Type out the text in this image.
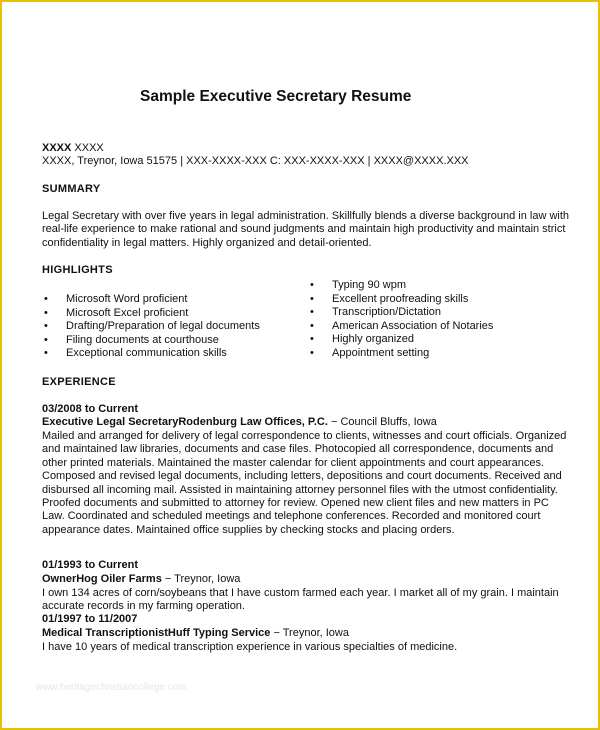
Sample Executive Secretary Resume
XXXX XXXX
XXXX, Treynor, Iowa 51575 | XXX-XXXX-XXX C: XXX-XXXX-XXX | XXXX@XXXX.XXX
SUMMARY
Legal Secretary with over five years in legal administration. Skillfully blends a diverse background in law with real-life experience to make rational and sound judgments and maintain high productivity and maintain strict confidentiality in legal matters. Highly organized and detail-oriented.
HIGHLIGHTS
• Microsoft Word proficient
• Microsoft Excel proficient
• Drafting/Preparation of legal documents
• Filing documents at courthouse
• Exceptional communication skills
• Typing 90 wpm
• Excellent proofreading skills
• Transcription/Dictation
• American Association of Notaries
• Highly organized
• Appointment setting
EXPERIENCE
03/2008 to Current
Executive Legal SecretaryRodenburg Law Offices, P.C. − Council Bluffs, Iowa
Mailed and arranged for delivery of legal correspondence to clients, witnesses and court officials. Organized and maintained law libraries, documents and case files. Photocopied all correspondence, documents and other printed materials. Maintained the master calendar for client appointments and court appearances. Composed and revised legal documents, including letters, depositions and court documents. Received and disbursed all incoming mail. Assisted in maintaining attorney personnel files with the utmost confidentiality. Proofed documents and submitted to attorney for review. Opened new client files and new matters in PC Law. Coordinated and scheduled meetings and telephone conferences. Recorded and monitored court appearance dates. Maintained office supplies by checking stocks and placing orders.
01/1993 to Current
OwnerHog Oiler Farms − Treynor, Iowa
I own 134 acres of corn/soybeans that I have custom farmed each year. I market all of my grain. I maintain accurate records in my farming operation.
01/1997 to 11/2007
Medical TranscriptionistHuff Typing Service − Treynor, Iowa
I have 10 years of medical transcription experience in various specialties of medicine.
www.heritagechristiancollege.com
